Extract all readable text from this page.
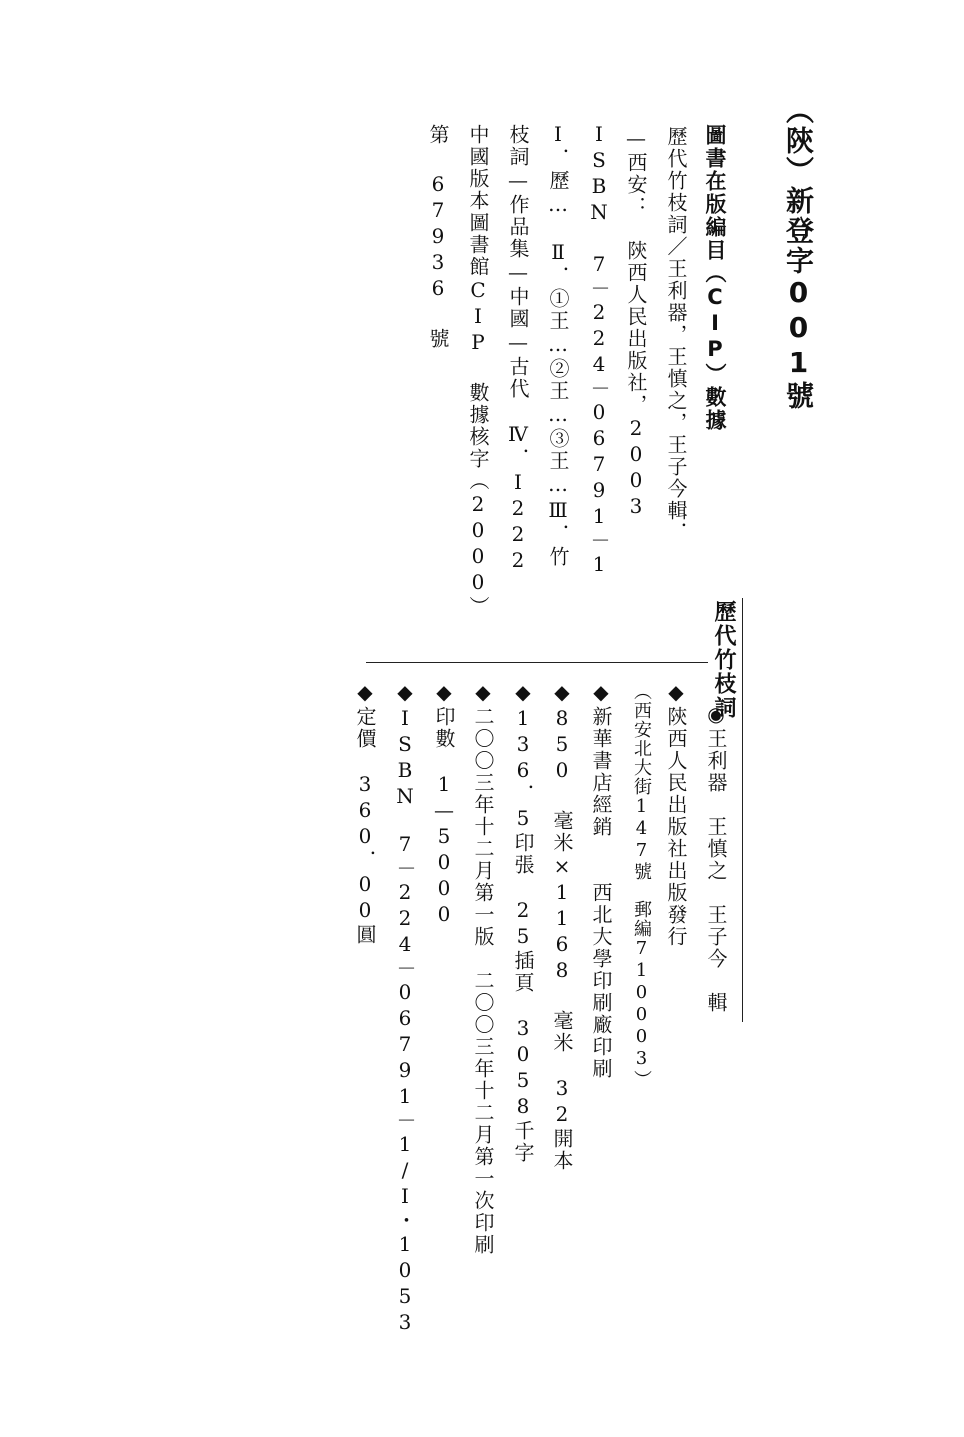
（陝）新登字001號
圖書在版編目（CIP）數據
歷代竹枝詞／王利器，王慎之，王子今輯．
—西安：　陝西人民出版社，2003
ISBN 7－224－06791－1
Ⅰ．歷…　Ⅱ．①王…②王…③王…Ⅲ．竹
枝詞—作品集—中國—古代　Ⅳ．Ⅰ222
中國版本圖書館CIP 數據核字（2000）
第 67936 號
歷代竹枝詞
◉王利器　王慎之　王子今　輯
◆陝西人民出版社出版發行
（西安北大街147號　郵編710003）
◆新華書店經銷　　西北大學印刷廠印刷
◆850 毫米×1168 毫米　32開本
◆136．5印張　25插頁　3058千字
◆二〇〇三年十二月第一版　二〇〇三年十二月第一次印刷
◆印數　1—5000
◆ISBN　7－224－06791－1/I・1053
◆定價　360．00圓
